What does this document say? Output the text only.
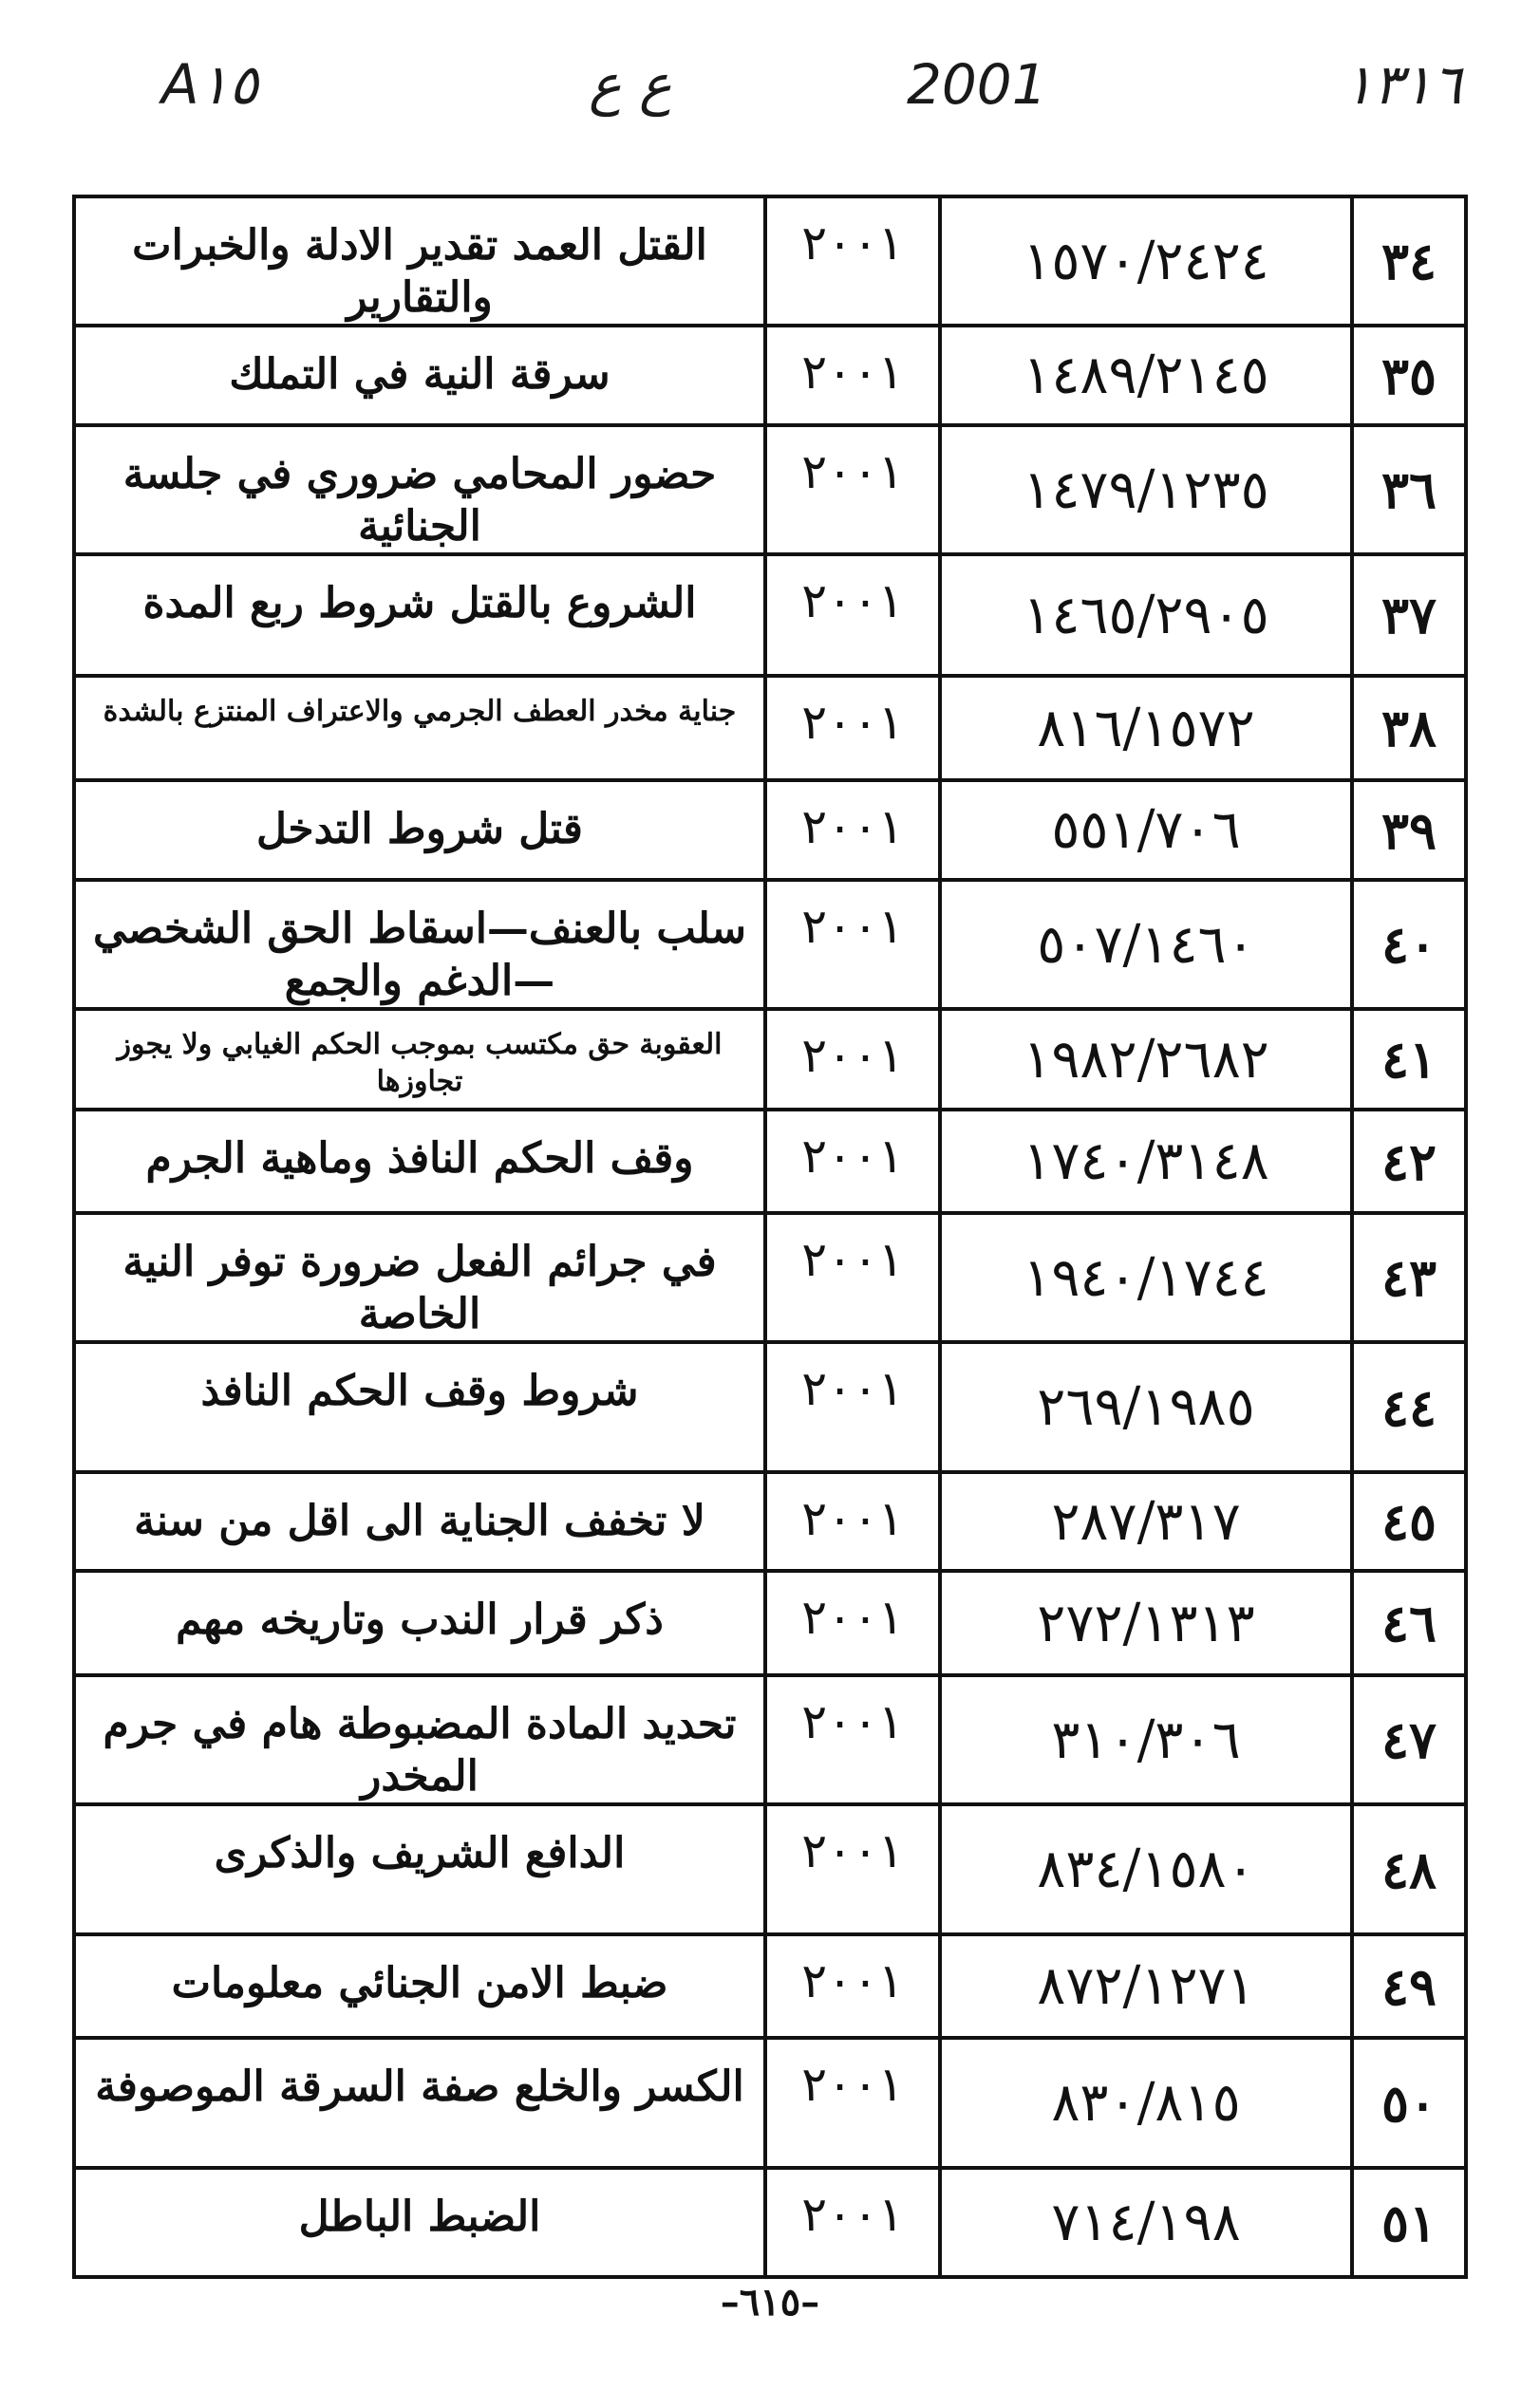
A١٥	ع ع	2001	١٣١٦
٣٤	١٥٧٠/٢٤٢٤	٢٠٠١	القتل العمد تقدير الادلة والخبرات والتقارير
٣٥	١٤٨٩/٢١٤٥	٢٠٠١	سرقة النية في التملك
٣٦	١٤٧٩/١٢٣٥	٢٠٠١	حضور المحامي ضروري في جلسة الجنائية
٣٧	١٤٦٥/٢٩٠٥	٢٠٠١	الشروع بالقتل شروط ربع المدة
٣٨	٨١٦/١٥٧٢	٢٠٠١	جناية مخدر العطف الجرمي والاعتراف المنتزع بالشدة
٣٩	٥٥١/٧٠٦	٢٠٠١	قتل شروط التدخل
٤٠	٥٠٧/١٤٦٠	٢٠٠١	سلب بالعنف—اسقاط الحق الشخصي—الدغم والجمع
٤١	١٩٨٢/٢٦٨٢	٢٠٠١	العقوبة حق مكتسب بموجب الحكم الغيابي ولا يجوز تجاوزها
٤٢	١٧٤٠/٣١٤٨	٢٠٠١	وقف الحكم النافذ وماهية الجرم
٤٣	١٩٤٠/١٧٤٤	٢٠٠١	في جرائم الفعل ضرورة توفر النية الخاصة
٤٤	٢٦٩/١٩٨٥	٢٠٠١	شروط وقف الحكم النافذ
٤٥	٢٨٧/٣١٧	٢٠٠١	لا تخفف الجناية الى اقل من سنة
٤٦	٢٧٢/١٣١٣	٢٠٠١	ذكر قرار الندب وتاريخه مهم
٤٧	٣١٠/٣٠٦	٢٠٠١	تحديد المادة المضبوطة هام في جرم المخدر
٤٨	٨٣٤/١٥٨٠	٢٠٠١	الدافع الشريف والذكرى
٤٩	٨٧٢/١٢٧١	٢٠٠١	ضبط الامن الجنائي معلومات
٥٠	٨٣٠/٨١٥	٢٠٠١	الكسر والخلع صفة السرقة الموصوفة
٥١	٧١٤/١٩٨	٢٠٠١	الضبط الباطل
–٦١٥–
